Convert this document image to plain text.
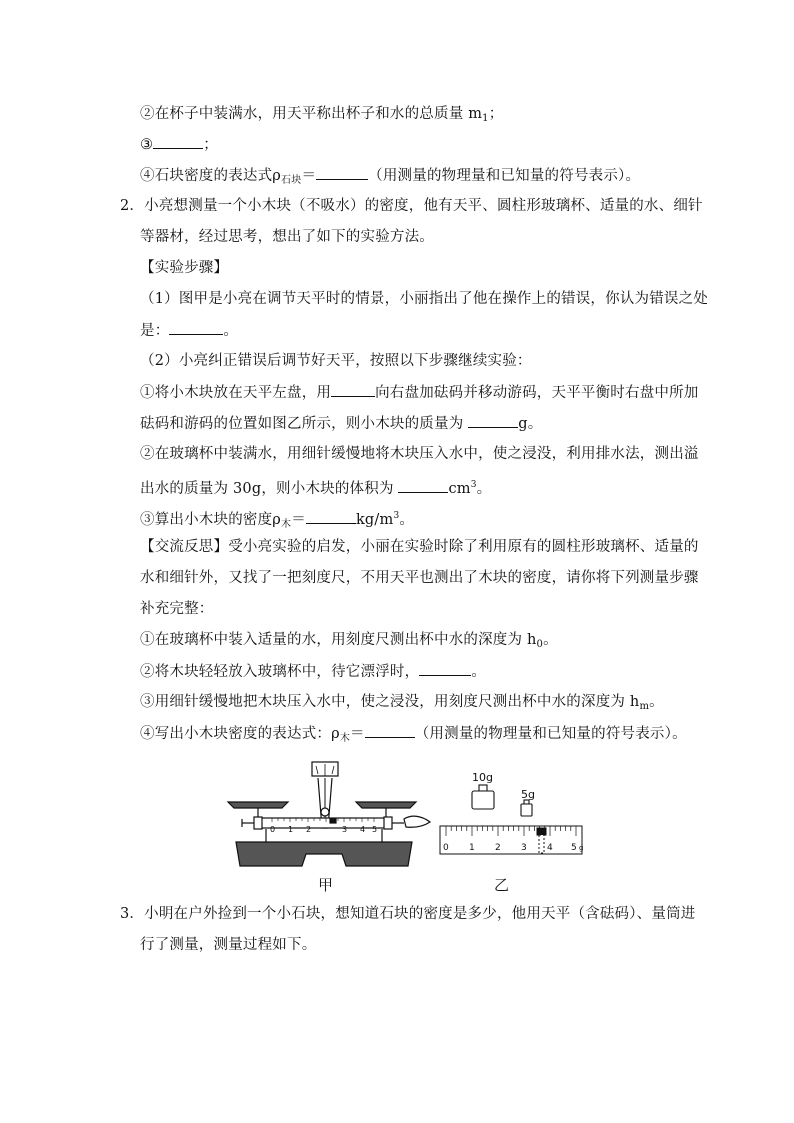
②在杯子中装满水，用天平称出杯子和水的总质量 $m_1$；
③	；
④石块密度的表达式$\rho_{石块}=$	（用测量的物理量和已知量的符号表示）。
2．小亮想测量一个小木块（不吸水）的密度，他有天平、圆柱形玻璃杯、适量的水、细针
等器材，经过思考，想出了如下的实验方法。
【实验步骤】
（1）图甲是小亮在调节天平时的情景，小丽指出了他在操作上的错误，你认为错误之处
是：	。
（2）小亮纠正错误后调节好天平，按照以下步骤继续实验：
①将小木块放在天平左盘，用	向右盘加砝码并移动游码，天平平衡时右盘中所加
砝码和游码的位置如图乙所示，则小木块的质量为	g。
②在玻璃杯中装满水，用细针缓慢地将木块压入水中，使之浸没，利用排水法，测出溢
出水的质量为 30g，则小木块的体积为	$cm^3$。
③算出小木块的密度$\rho_木=$	$kg/m^3$。
【交流反思】受小亮实验的启发，小丽在实验时除了利用原有的圆柱形玻璃杯、适量的
水和细针外，又找了一把刻度尺，不用天平也测出了木块的密度，请你将下列测量步骤
补充完整：
①在玻璃杯中装入适量的水，用刻度尺测出杯中水的深度为 $h_0$。
②将木块轻轻放入玻璃杯中，待它漂浮时，	。
③用细针缓慢地把木块压入水中，使之浸没，用刻度尺测出杯中水的深度为 $h_m$。
④写出小木块密度的表达式：$\rho_木=$	（用测量的物理量和已知量的符号表示）。
0 1 2	3 4 5
10g
5g
0 1 2 3 4 5 g
甲	乙
3．小明在户外捡到一个小石块，想知道石块的密度是多少，他用天平（含砝码）、量筒进
行了测量，测量过程如下。
